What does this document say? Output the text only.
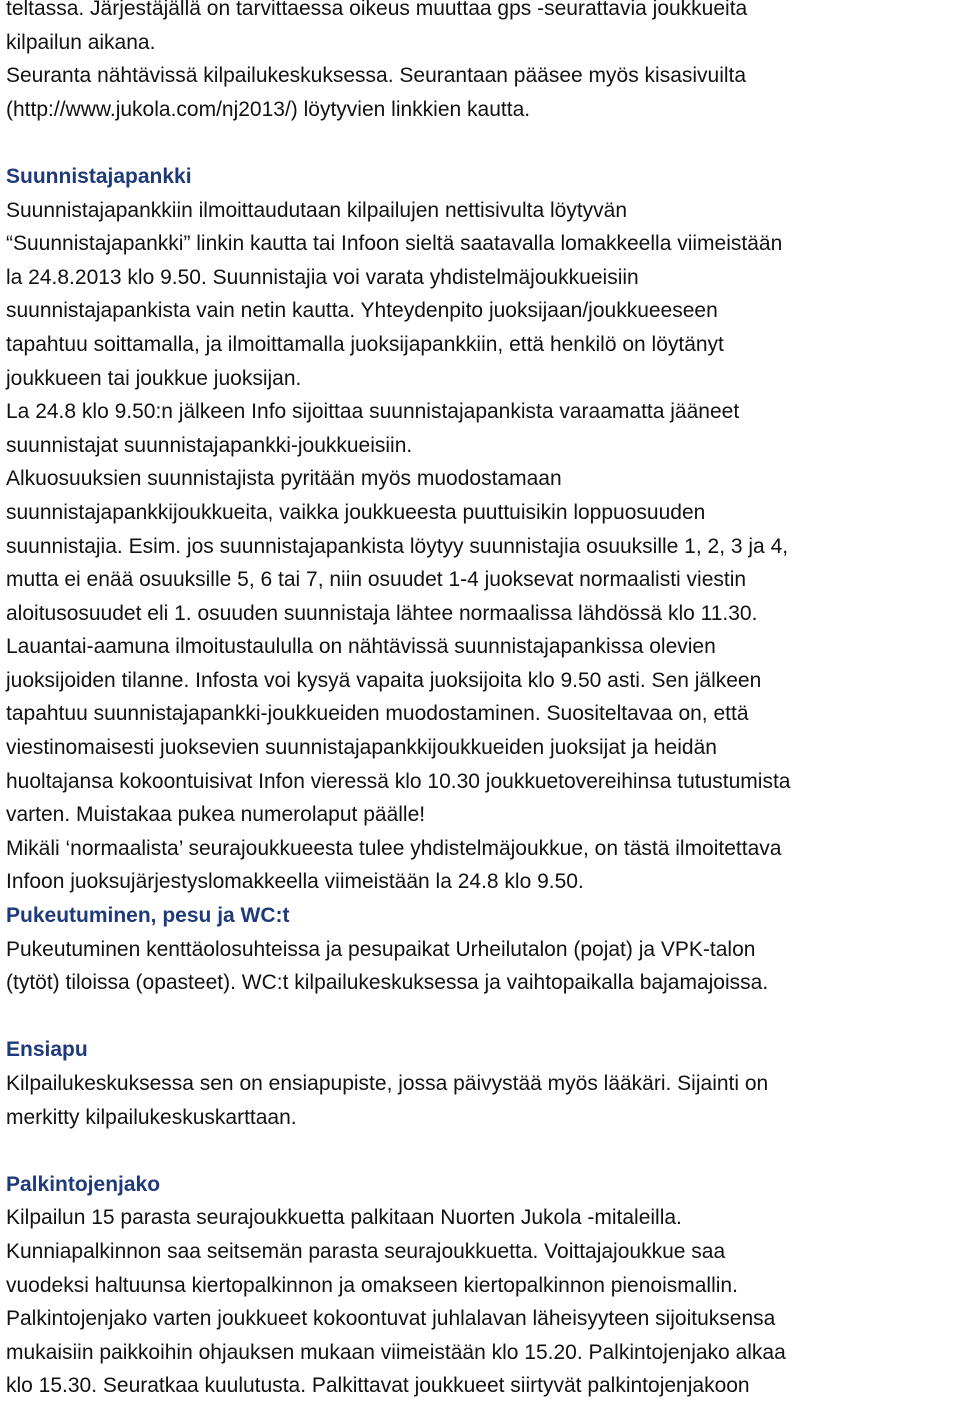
teltassa. Järjestäjällä on tarvittaessa oikeus muuttaa gps -seurattavia joukkueita
kilpailun aikana.
Seuranta nähtävissä kilpailukeskuksessa. Seurantaan pääsee myös kisasivuilta
(http://www.jukola.com/nj2013/) löytyvien linkkien kautta.
Suunnistajapankki
Suunnistajapankkiin ilmoittaudutaan kilpailujen nettisivulta löytyvän
“Suunnistajapankki” linkin kautta tai Infoon sieltä saatavalla lomakkeella viimeistään
la 24.8.2013 klo 9.50. Suunnistajia voi varata yhdistelmäjoukkueisiin
suunnistajapankista vain netin kautta. Yhteydenpito juoksijaan/joukkueeseen
tapahtuu soittamalla, ja ilmoittamalla juoksijapankkiin, että henkilö on löytänyt
joukkueen tai joukkue juoksijan.
La 24.8 klo 9.50:n jälkeen Info sijoittaa suunnistajapankista varaamatta jääneet
suunnistajat suunnistajapankki-joukkueisiin.
Alkuosuuksien suunnistajista pyritään myös muodostamaan
suunnistajapankkijoukkueita, vaikka joukkueesta puuttuisikin loppuosuuden
suunnistajia. Esim. jos suunnistajapankista löytyy suunnistajia osuuksille 1, 2, 3 ja 4,
mutta ei enää osuuksille 5, 6 tai 7, niin osuudet 1-4 juoksevat normaalisti viestin
aloitusosuudet eli 1. osuuden suunnistaja lähtee normaalissa lähdössä klo 11.30.
Lauantai-aamuna ilmoitustaululla on nähtävissä suunnistajapankissa olevien
juoksijoiden tilanne. Infosta voi kysyä vapaita juoksijoita klo 9.50 asti. Sen jälkeen
tapahtuu suunnistajapankki-joukkueiden muodostaminen. Suositeltavaa on, että
viestinomaisesti juoksevien suunnistajapankkijoukkueiden juoksijat ja heidän
huoltajansa kokoontuisivat Infon vieressä klo 10.30 joukkuetovereihinsa tutustumista
varten. Muistakaa pukea numerolaput päälle!
Mikäli ‘normaalista’ seurajoukkueesta tulee yhdistelmäjoukkue, on tästä ilmoitettava
Infoon juoksujärjestyslomakkeella viimeistään la 24.8 klo 9.50.
Pukeutuminen, pesu ja WC:t
Pukeutuminen kenttäolosuhteissa ja pesupaikat Urheilutalon (pojat) ja VPK-talon
(tytöt) tiloissa (opasteet). WC:t kilpailukeskuksessa ja vaihtopaikalla bajamajoissa.
Ensiapu
Kilpailukeskuksessa sen on ensiapupiste, jossa päivystää myös lääkäri. Sijainti on
merkitty kilpailukeskuskarttaan.
Palkintojenjako
Kilpailun 15 parasta seurajoukkuetta palkitaan Nuorten Jukola -mitaleilla.
Kunniapalkinnon saa seitsemän parasta seurajoukkuetta. Voittajajoukkue saa
vuodeksi haltuunsa kiertopalkinnon ja omakseen kiertopalkinnon pienoismallin.
Palkintojenjako varten joukkueet kokoontuvat juhlalavan läheisyyteen sijoituksensa
mukaisiin paikkoihin ohjauksen mukaan viimeistään klo 15.20. Palkintojenjako alkaa
klo 15.30. Seuratkaa kuulutusta. Palkittavat joukkueet siirtyvät palkintojenjakoon
